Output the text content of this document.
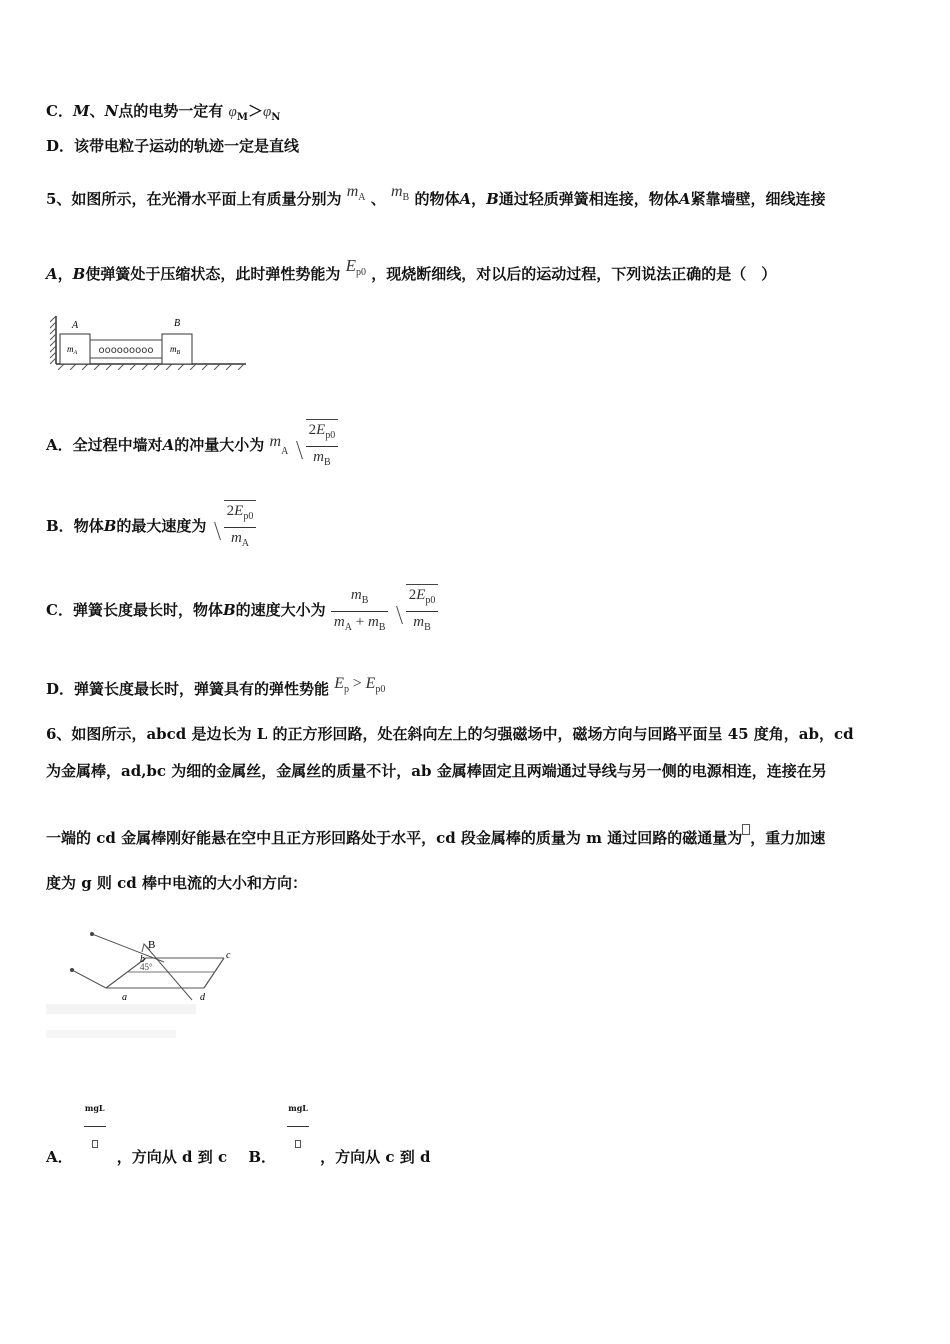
C．M、N点的电势一定有 $\varphi_M>\varphi_N$
D．该带电粒子运动的轨迹一定是直线
5、如图所示，在光滑水平面上有质量分别为 $m^A$ 、 $m^B$ 的物体A，B通过轻质弹簧相连接，物体A紧靠墙壁，细线连接
A，B使弹簧处于压缩状态，此时弹性势能为 $E^{p0}$ ，现烧断细线，对以后的运动过程，下列说法正确的是（　）
ooooooooo
A	B
$m_A$	$m_B$
A．全过程中墙对A的冲量大小为 $m_A \frac{2E_{p0}}{m_B}$
B．物体B的最大速度为 $\frac{2E_{p0}}{m_A}$
C．弹簧长度最长时，物体B的速度大小为 $\frac{m_B}{m_A + m_B}$
$\frac{2E_{p0}}{m_B}$
D．弹簧长度最长时，弹簧具有的弹性势能 $E_p > E_{p0}$
6、如图所示，abcd 是边长为 L 的正方形回路，处在斜向左上的匀强磁场中，磁场方向与回路平面呈 45 度角，ab，cd
为金属棒，ad,bc 为细的金属丝，金属丝的质量不计，ab 金属棒固定且两端通过导线与另一侧的电源相连，连接在另
一端的 cd 金属棒刚好能悬在空中且正方形回路处于水平，cd 段金属棒的质量为 m 通过回路的磁通量为 ，重力加速
度为 g 则 cd 棒中电流的大小和方向：
B
45°
a
b	c
d
A．
mgL
，方向从 d 到 c B．
mgL
，方向从 c 到 d
